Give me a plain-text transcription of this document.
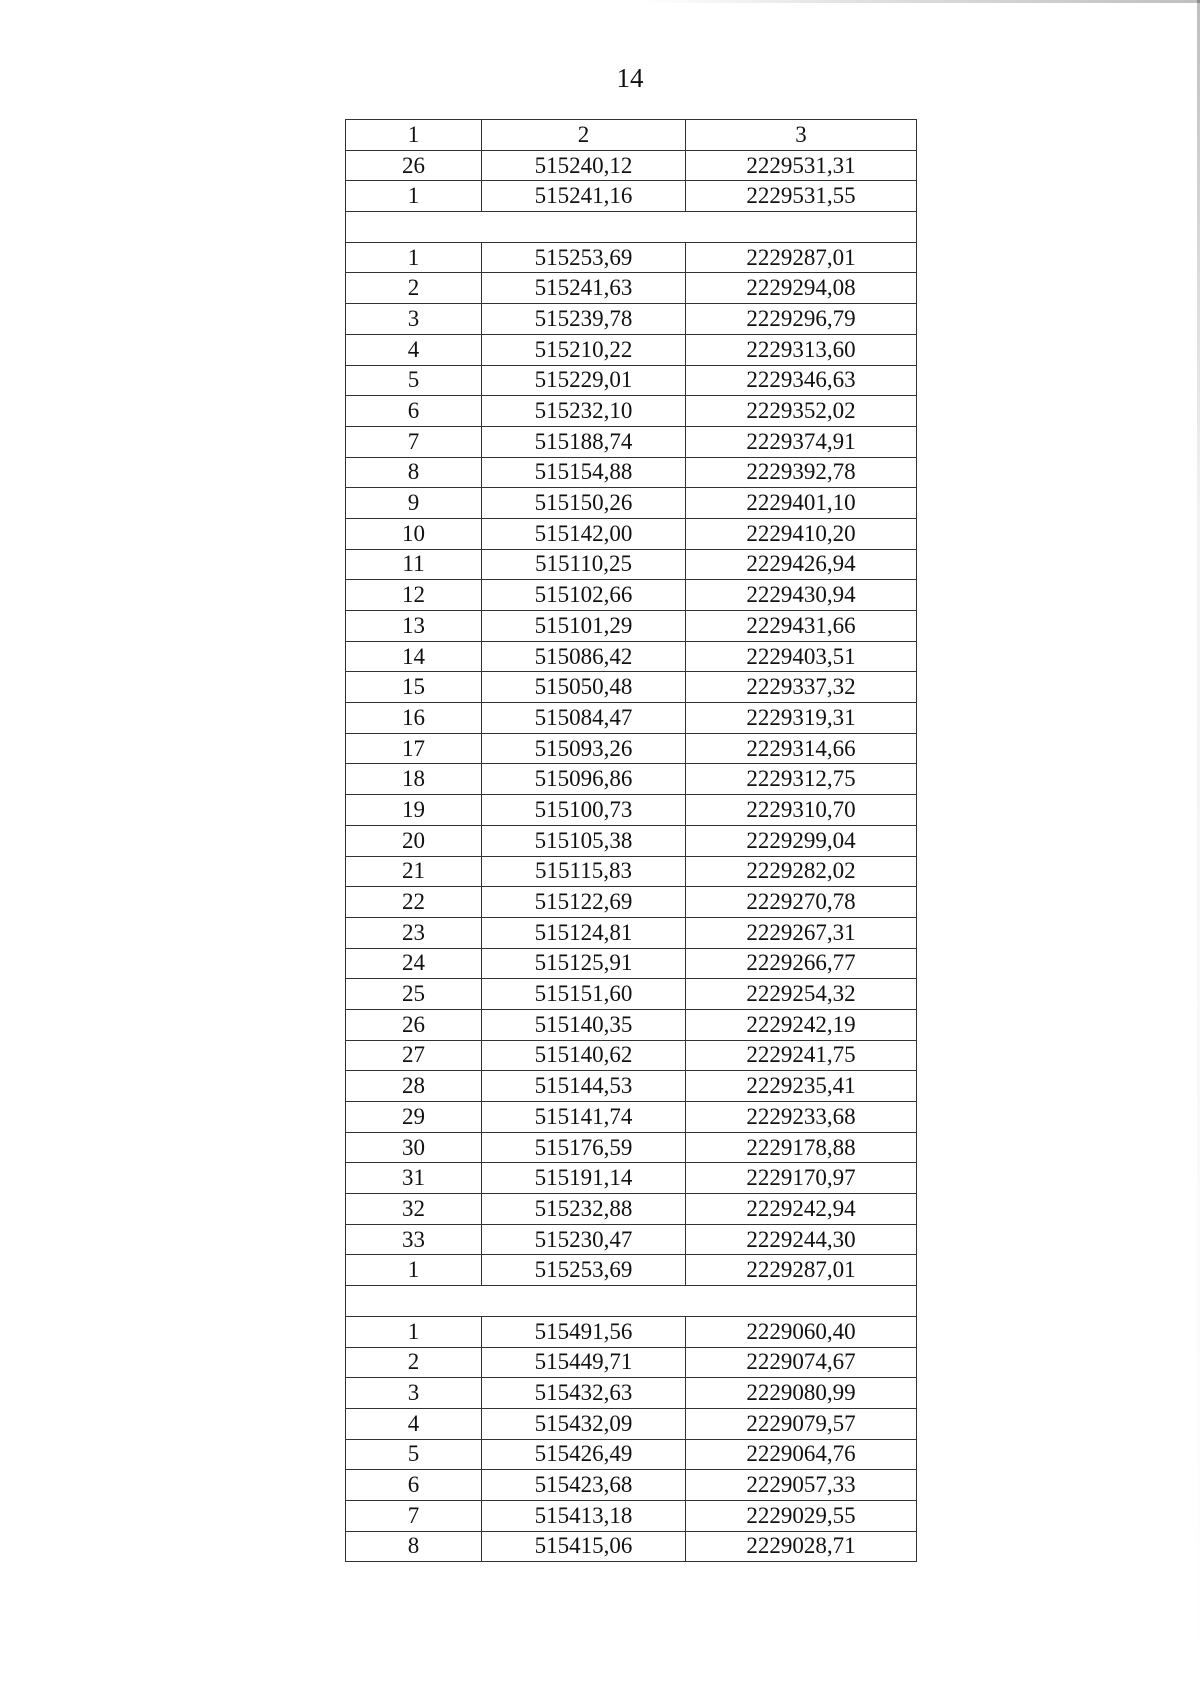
14
1	2	3
26	515240,12	2229531,31
1	515241,16	2229531,55

1	515253,69	2229287,01
2	515241,63	2229294,08
3	515239,78	2229296,79
4	515210,22	2229313,60
5	515229,01	2229346,63
6	515232,10	2229352,02
7	515188,74	2229374,91
8	515154,88	2229392,78
9	515150,26	2229401,10
10	515142,00	2229410,20
11	515110,25	2229426,94
12	515102,66	2229430,94
13	515101,29	2229431,66
14	515086,42	2229403,51
15	515050,48	2229337,32
16	515084,47	2229319,31
17	515093,26	2229314,66
18	515096,86	2229312,75
19	515100,73	2229310,70
20	515105,38	2229299,04
21	515115,83	2229282,02
22	515122,69	2229270,78
23	515124,81	2229267,31
24	515125,91	2229266,77
25	515151,60	2229254,32
26	515140,35	2229242,19
27	515140,62	2229241,75
28	515144,53	2229235,41
29	515141,74	2229233,68
30	515176,59	2229178,88
31	515191,14	2229170,97
32	515232,88	2229242,94
33	515230,47	2229244,30
1	515253,69	2229287,01

1	515491,56	2229060,40
2	515449,71	2229074,67
3	515432,63	2229080,99
4	515432,09	2229079,57
5	515426,49	2229064,76
6	515423,68	2229057,33
7	515413,18	2229029,55
8	515415,06	2229028,71
